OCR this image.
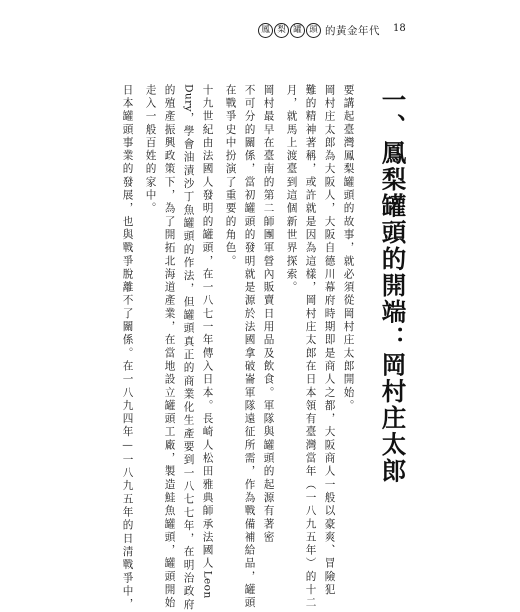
鳳 梨 罐 頭 的黃金年代 18
一、鳳梨罐頭的開端：岡村庄太郎
要講起臺灣鳳梨罐頭的故事，就必須從岡村庄太郎開始。
岡村庄太郎為大阪人，大阪自德川幕府時期即是商人之都，大阪商人一般以豪爽、冒險犯
難的精神著稱，或許就是因為這樣，岡村庄太郎在日本領有臺灣當年（一八九五年）的十二
月，就馬上渡臺到這個新世界探索。
岡村最早在臺南的第二師團軍營內販賣日用品及飲食。軍隊與罐頭的起源有著密
不可分的關係，當初罐頭的發明就是源於法國拿破崙軍隊遠征所需，作為戰備補給品，罐頭
在戰爭史中扮演了重要的角色。
十九世紀由法國人發明的罐頭，在一八七一年傳入日本。長崎人松田雅典師承法國人Leon
Dury，學會油漬沙丁魚罐頭的作法，但罐頭真正的商業化生產要到一八七七年，在明治政府
的殖產振興政策下，為了開拓北海道產業，在當地設立罐頭工廠，製造鮭魚罐頭，罐頭開始
走入一般百姓的家中。
日本罐頭事業的發展，也與戰爭脫離不了關係。在一八九四年—一八九五年的日清戰爭中，
